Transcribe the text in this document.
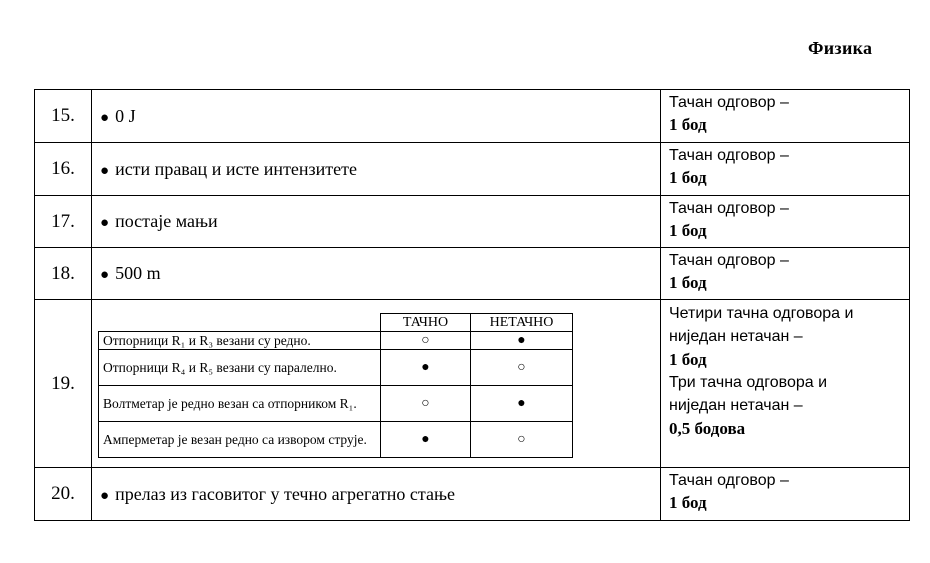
Физика
15.	● 0 J	
Тачан одговор –
1 бод

16.	● исти правац и исте интензитете	
Тачан одговор –
1 бод

17.	● постаје мањи	
Тачан одговор –
1 бод

18.	● 500 m	
Тачан одговор –
1 бод

19.	
	ТАЧНО	НЕТАЧНО
Отпорници R₁ и R₃ везани су редно.	○	●
Отпорници R₄ и R₅ везани су паралелно.	●	○
Волтметар је редно везан са отпорником R₁.	○	●
Амперметар је везан редно са извором струје.	●	○

Четири тачна одговора и
ниједан нетачан –
1 бод
Три тачна одговора и
ниједан нетачан –
0,5 бодова

20.	● прелаз из гасовитог у течно агрегатно стање	
Тачан одговор –
1 бод
